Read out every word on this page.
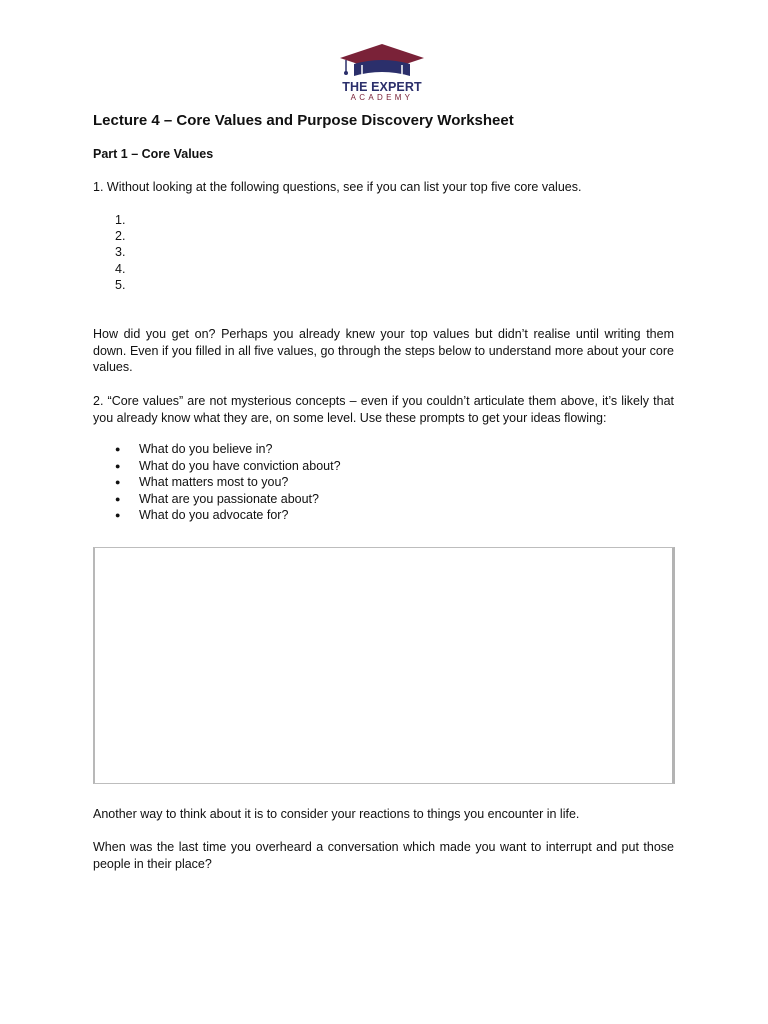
THE EXPERT
ACADEMY
Lecture 4 – Core Values and Purpose Discovery Worksheet
Part 1 – Core Values

1. Without looking at the following questions, see if you can list your top five core values.

1.
2.
3.
4.
5.

How did you get on? Perhaps you already knew your top values but didn’t realise until writing them down. Even if you filled in all five values, go through the steps below to understand more about your core values.

2. “Core values” are not mysterious concepts – even if you couldn’t articulate them above, it’s likely that you already know what they are, on some level. Use these prompts to get your ideas flowing:

● What do you believe in?
● What do you have conviction about?
● What matters most to you?
● What are you passionate about?
● What do you advocate for?

Another way to think about it is to consider your reactions to things you encounter in life.

When was the last time you overheard a conversation which made you want to interrupt and put those people in their place?
